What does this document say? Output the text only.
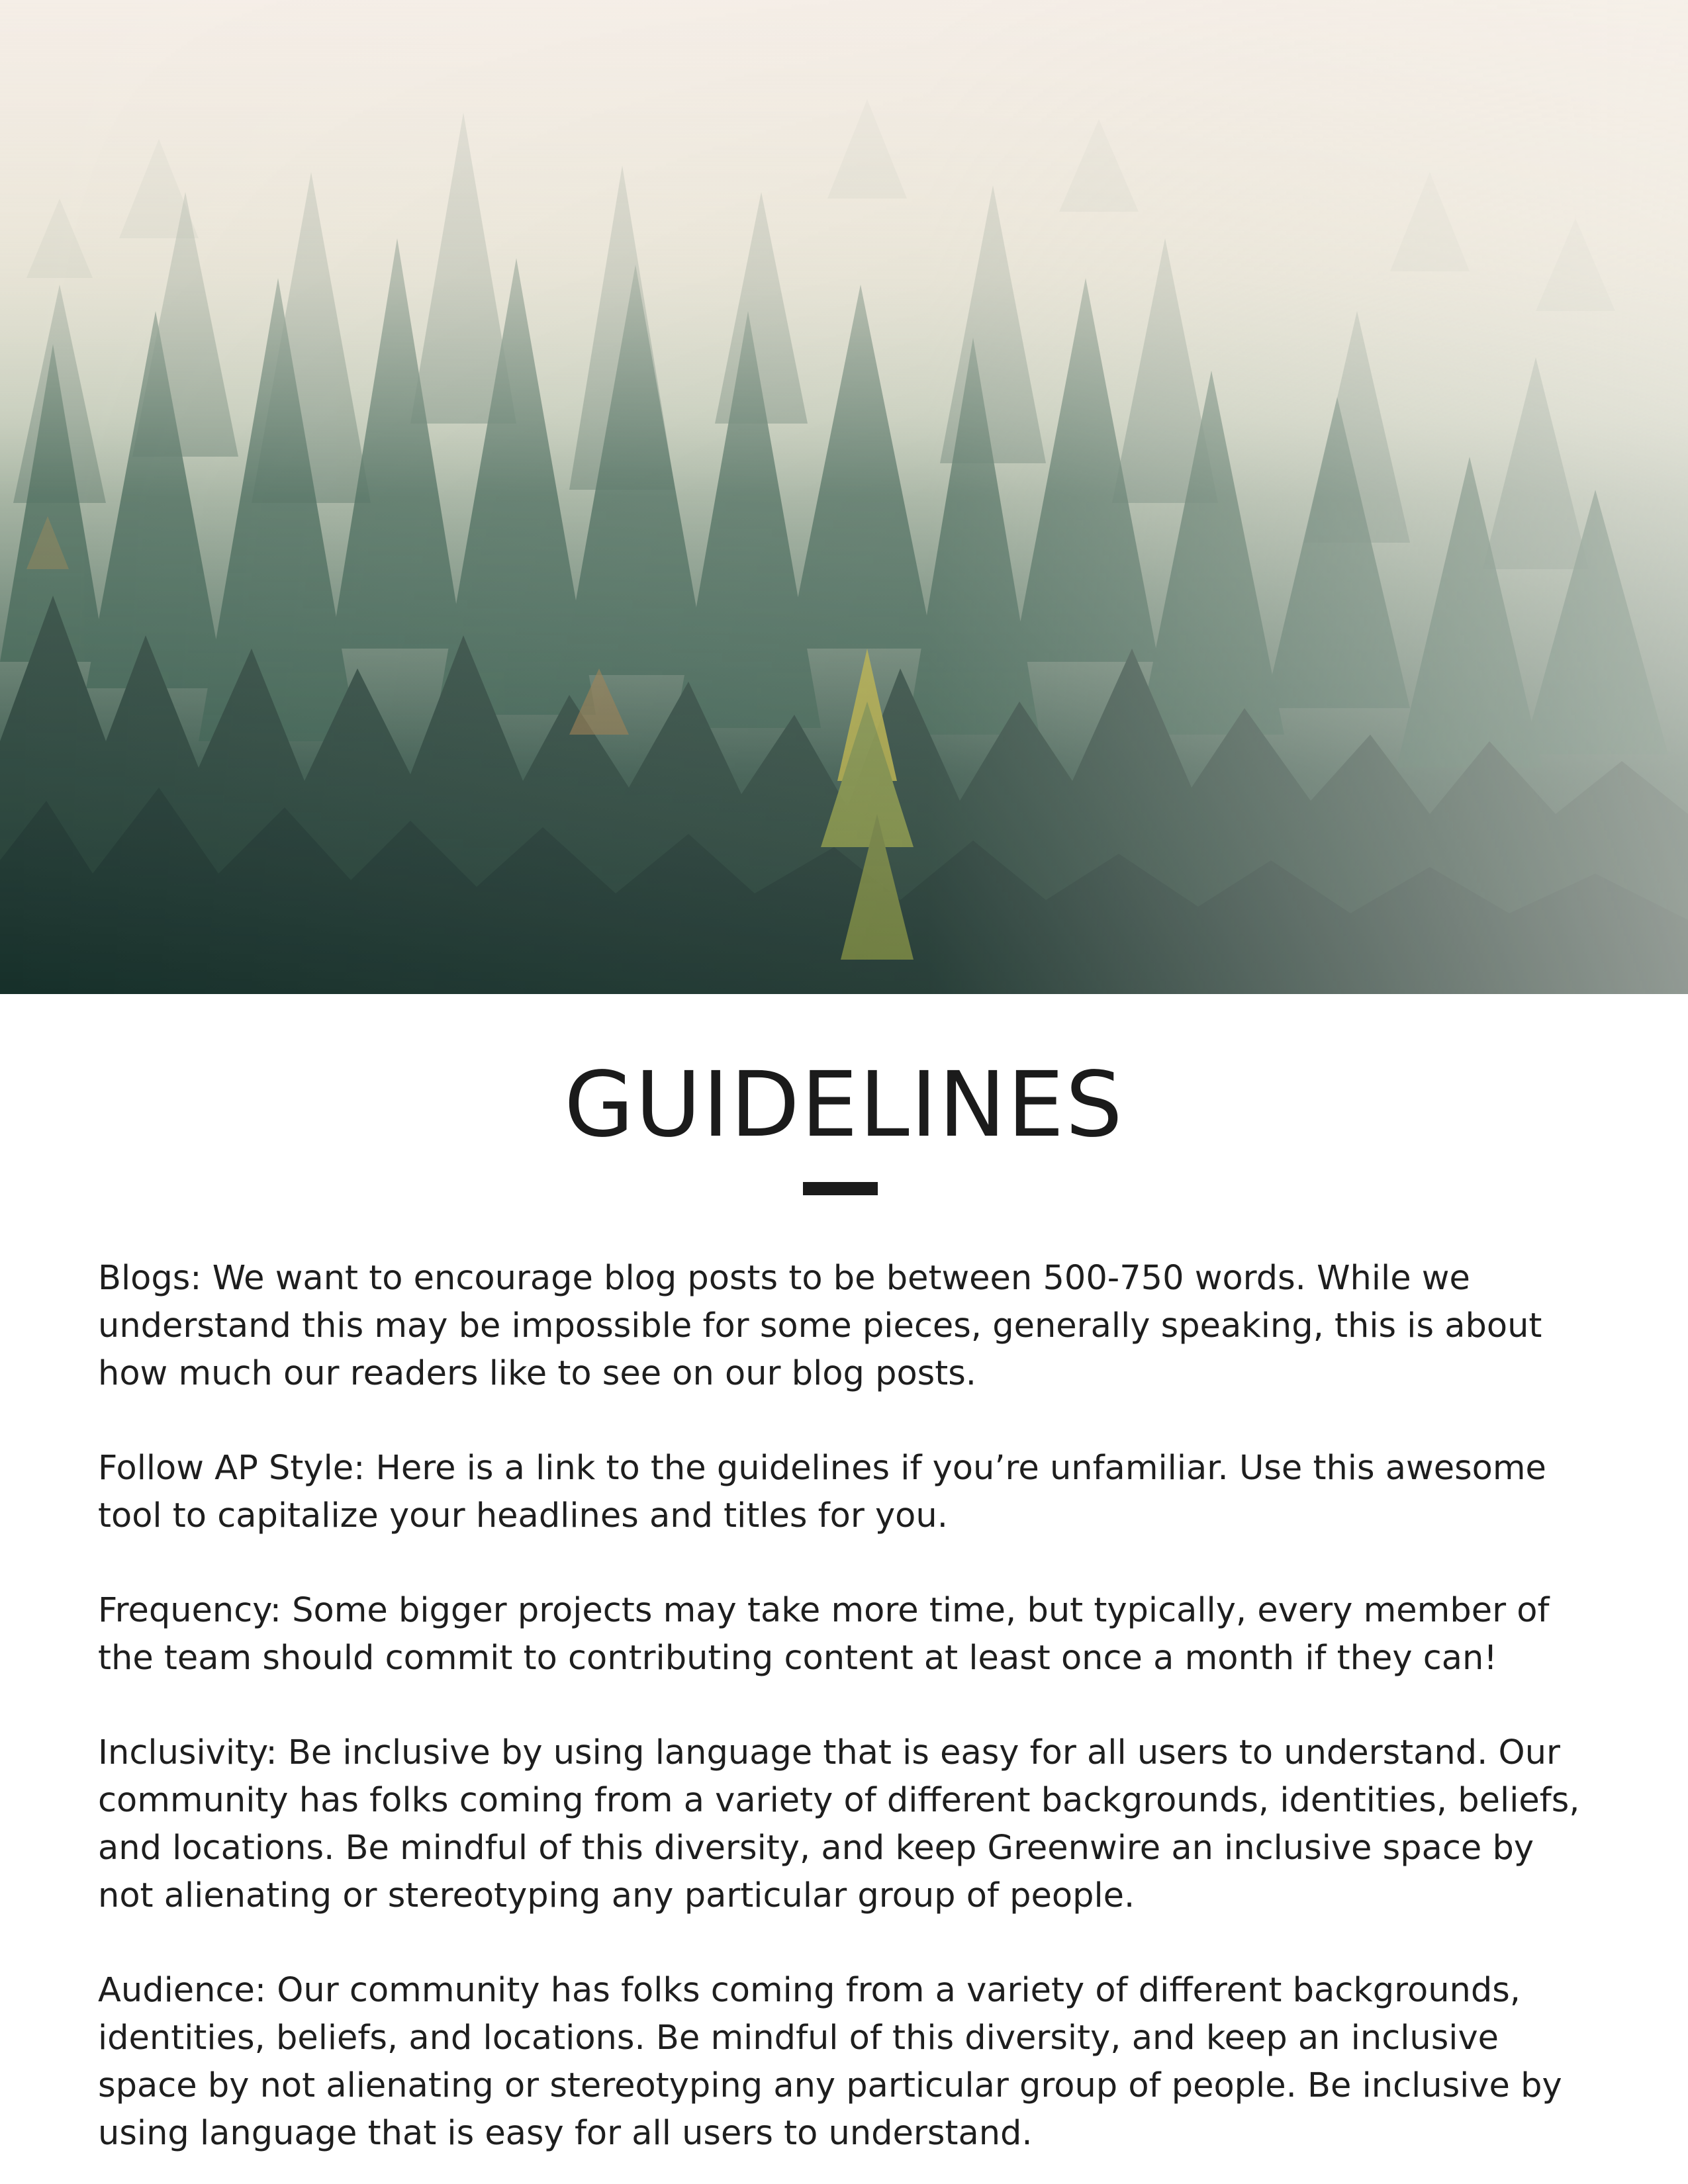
GUIDELINES

Blogs: We want to encourage blog posts to be between 500-750 words. While we understand this may be impossible for some pieces, generally speaking, this is about how much our readers like to see on our blog posts.

Follow AP Style: Here is a link to the guidelines if you’re unfamiliar. Use this awesome tool to capitalize your headlines and titles for you.

Frequency: Some bigger projects may take more time, but typically, every member of the team should commit to contributing content at least once a month if they can!

Inclusivity: Be inclusive by using language that is easy for all users to understand. Our community has folks coming from a variety of different backgrounds, identities, beliefs, and locations. Be mindful of this diversity, and keep Greenwire an inclusive space by not alienating or stereotyping any particular group of people.

Audience: Our community has folks coming from a variety of different backgrounds, identities, beliefs, and locations. Be mindful of this diversity, and keep an inclusive space by not alienating or stereotyping any particular group of people. Be inclusive by using language that is easy for all users to understand.
